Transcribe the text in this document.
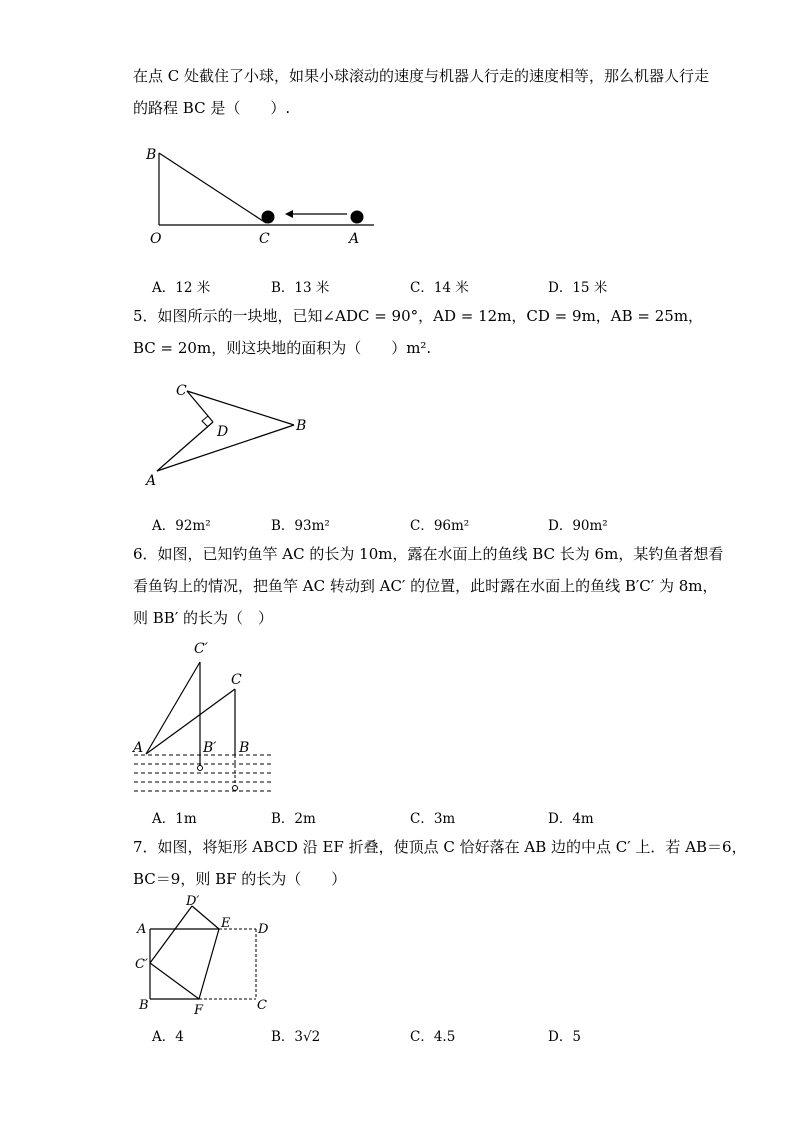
在点 C 处截住了小球，如果小球滚动的速度与机器人行走的速度相等，那么机器人行走
的路程 BC 是（　　）.
B
O	C	A
A．12 米	B．13 米	C．14 米	D．15 米
5．如图所示的一块地，已知∠ADC = 90°，AD = 12m，CD = 9m，AB = 25m，
BC = 20m，则这块地的面积为（　　）m².
C
D	B
A
A．92m²	B．93m²	C．96m²	D．90m²
6．如图，已知钓鱼竿 AC 的长为 10m，露在水面上的鱼线 BC 长为 6m，某钓鱼者想看
看鱼钩上的情况，把鱼竿 AC 转动到 AC′ 的位置，此时露在水面上的鱼线 B′C′ 为 8m，
则 BB′ 的长为（　）
C′
C
A	B′ B
A．1m	B．2m	C．3m	D．4m
7．如图，将矩形 ABCD 沿 EF 折叠，使顶点 C 恰好落在 AB 边的中点 C′ 上．若 AB＝6，
BC＝9，则 BF 的长为（　　）
D′
A	E D
C′
B	F	C
A．4	B．3√2	C．4.5	D．5
